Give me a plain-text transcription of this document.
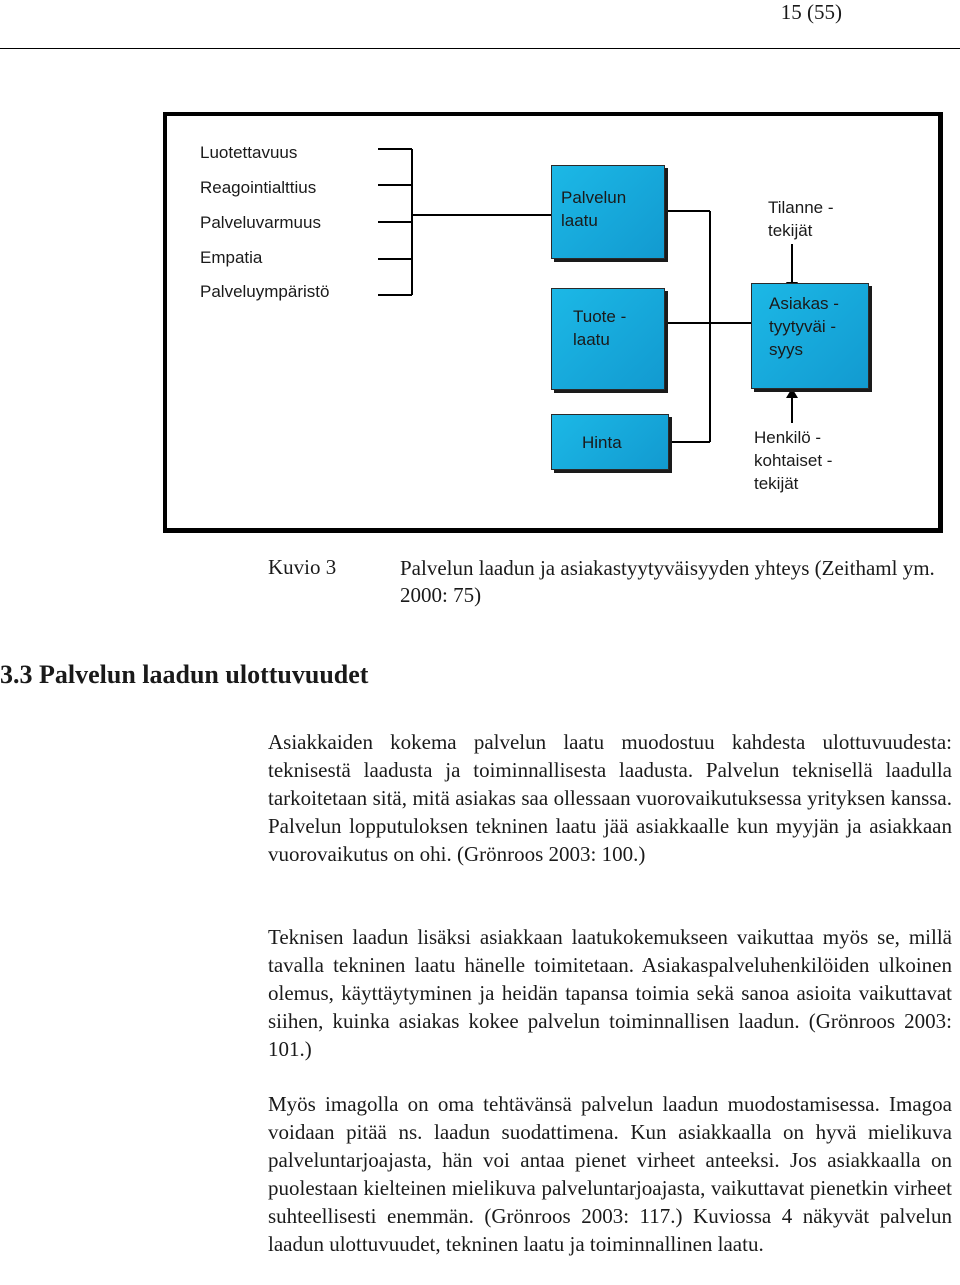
15 (55)
Luotettavuus
Reagointialttius
Palveluvarmuus
Empatia
Palveluympäristö
Palvelun
laatu
Tuote -
laatu
Hinta
Asiakas -
tyytyväi -
syys
Tilanne -
tekijät
Henkilö -
kohtaiset -
tekijät
Kuvio 3	Palvelun laadun ja asiakastyytyväisyyden yhteys (Zeithaml ym. 2000: 75)
3.3 Palvelun laadun ulottuvuudet

Asiakkaiden kokema palvelun laatu muodostuu kahdesta ulottuvuudesta: teknisestä laadusta ja toiminnallisesta laadusta. Palvelun teknisellä laadulla tarkoitetaan sitä, mitä asiakas saa ollessaan vuorovaikutuksessa yrityksen kanssa. Palvelun lopputuloksen tekninen laatu jää asiakkaalle kun myyjän ja asiakkaan vuorovaikutus on ohi. (Grönroos 2003: 100.)

Teknisen laadun lisäksi asiakkaan laatukokemukseen vaikuttaa myös se, millä tavalla tekninen laatu hänelle toimitetaan. Asiakaspalveluhenkilöiden ulkoinen olemus, käyttäytyminen ja heidän tapansa toimia sekä sanoa asioita vaikuttavat siihen, kuinka asiakas kokee palvelun toiminnallisen laadun. (Grönroos 2003: 101.)

Myös imagolla on oma tehtävänsä palvelun laadun muodostamisessa. Imagoa voidaan pitää ns. laadun suodattimena. Kun asiakkaalla on hyvä mielikuva palveluntarjoajasta, hän voi antaa pienet virheet anteeksi. Jos asiakkaalla on puolestaan kielteinen mielikuva palveluntarjoajasta, vaikuttavat pienetkin virheet suhteellisesti enemmän. (Grönroos 2003: 117.) Kuviossa 4 näkyvät palvelun laadun ulottuvuudet, tekninen laatu ja toiminnallinen laatu.
